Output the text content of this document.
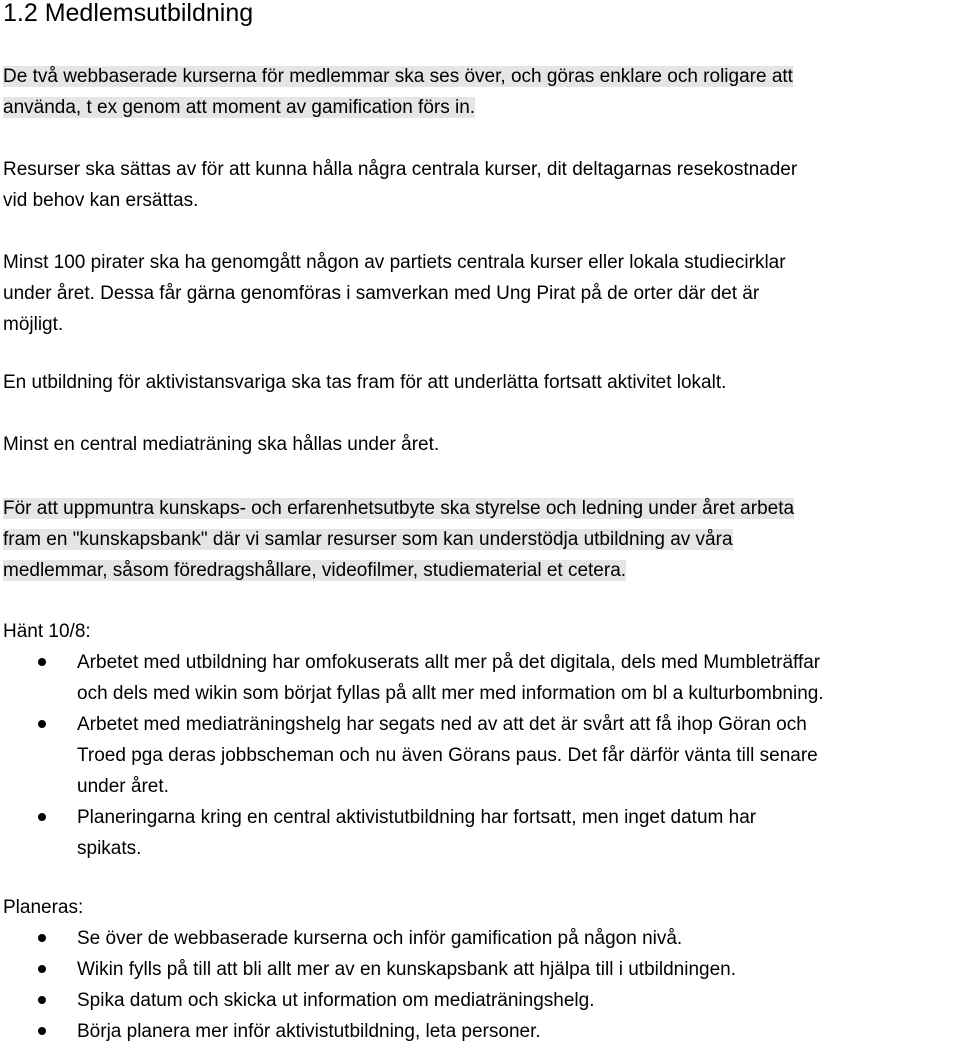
1.2 Medlemsutbildning
De två webbaserade kurserna för medlemmar ska ses över, och göras enklare och roligare att
använda, t ex genom att moment av gamification förs in.
Resurser ska sättas av för att kunna hålla några centrala kurser, dit deltagarnas resekostnader
vid behov kan ersättas.
Minst 100 pirater ska ha genomgått någon av partiets centrala kurser eller lokala studiecirklar
under året. Dessa får gärna genomföras i samverkan med Ung Pirat på de orter där det är
möjligt.
En utbildning för aktivistansvariga ska tas fram för att underlätta fortsatt aktivitet lokalt.
Minst en central mediaträning ska hållas under året.
För att uppmuntra kunskaps- och erfarenhetsutbyte ska styrelse och ledning under året arbeta
fram en "kunskapsbank" där vi samlar resurser som kan understödja utbildning av våra
medlemmar, såsom föredragshållare, videofilmer, studiematerial et cetera.
Hänt 10/8:
Arbetet med utbildning har omfokuserats allt mer på det digitala, dels med Mumbleträffar
och dels med wikin som börjat fyllas på allt mer med information om bl a kulturbombning.
Arbetet med mediaträningshelg har segats ned av att det är svårt att få ihop Göran och
Troed pga deras jobbscheman och nu även Görans paus. Det får därför vänta till senare
under året.
Planeringarna kring en central aktivistutbildning har fortsatt, men inget datum har
spikats.
Planeras:
Se över de webbaserade kurserna och inför gamification på någon nivå.
Wikin fylls på till att bli allt mer av en kunskapsbank att hjälpa till i utbildningen.
Spika datum och skicka ut information om mediaträningshelg.
Börja planera mer inför aktivistutbildning, leta personer.
